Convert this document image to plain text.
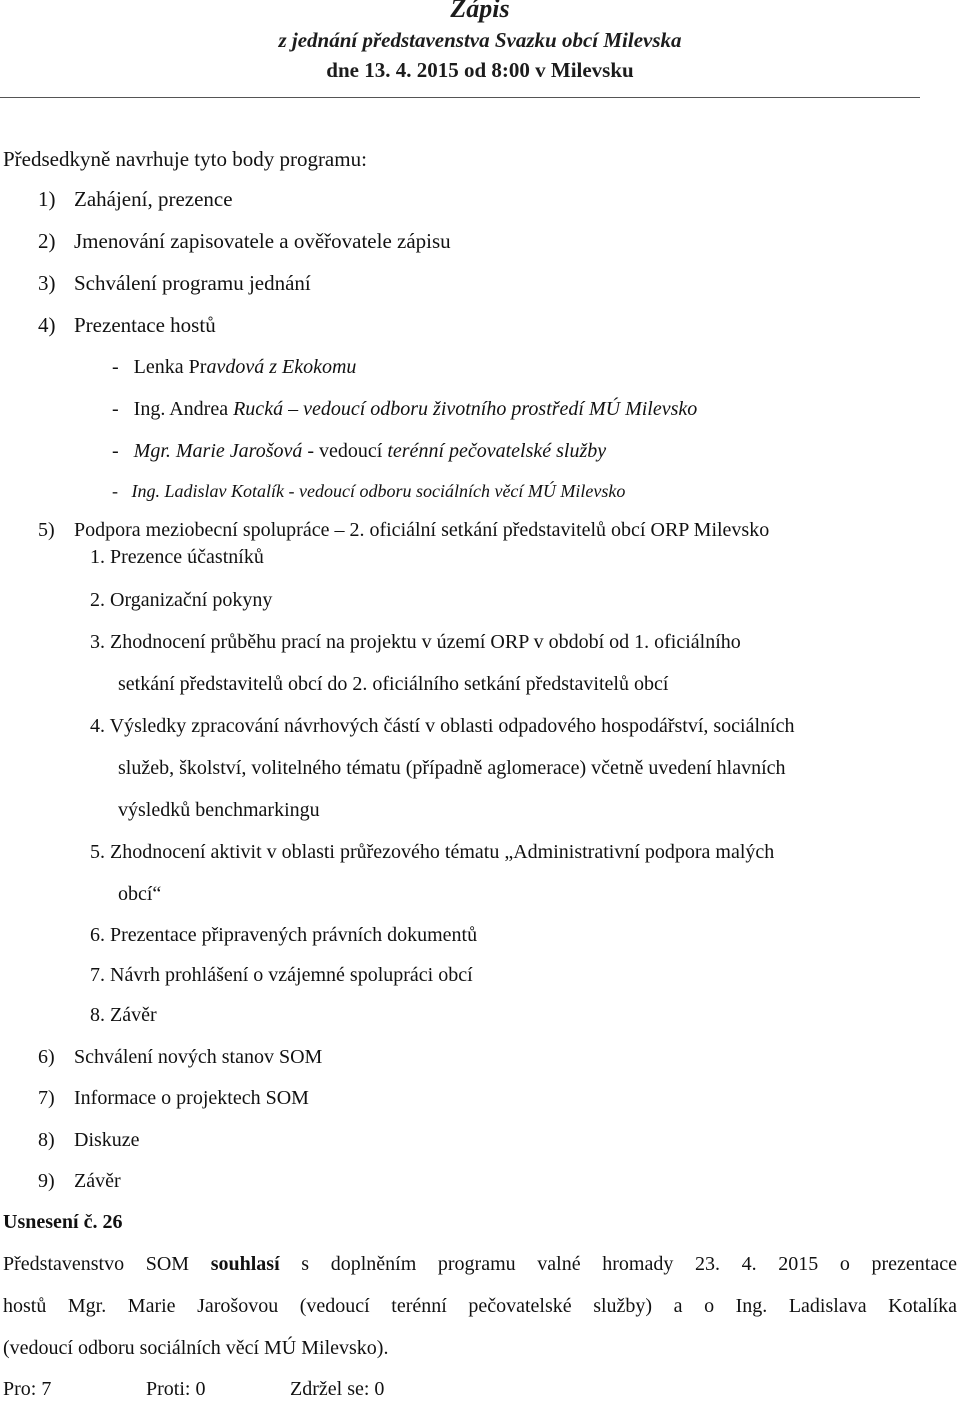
Zápis
z jednání představenstva Svazku obcí Milevska
dne 13. 4. 2015 od 8:00 v Milevsku
Předsedkyně navrhuje tyto body programu:
1) Zahájení, prezence
2) Jmenování zapisovatele a ověřovatele zápisu
3) Schválení programu jednání
4) Prezentace hostů
-   Lenka Pravdová z Ekokomu
-   Ing. Andrea Rucká – vedoucí odboru životního prostředí MÚ Milevsko
-   Mgr. Marie Jarošová - vedoucí terénní pečovatelské služby
-   Ing. Ladislav Kotalík - vedoucí odboru sociálních věcí MÚ Milevsko
5) Podpora meziobecní spolupráce – 2. oficiální setkání představitelů obcí ORP Milevsko
1. Prezence účastníků
2. Organizační pokyny
3. Zhodnocení průběhu prací na projektu v území ORP v období od 1. oficiálního
setkání představitelů obcí do 2. oficiálního setkání představitelů obcí
4. Výsledky zpracování návrhových částí v oblasti odpadového hospodářství, sociálních
služeb, školství, volitelného tématu (případně aglomerace) včetně uvedení hlavních
výsledků benchmarkingu
5. Zhodnocení aktivit v oblasti průřezového tématu „Administrativní podpora malých
obcí“
6. Prezentace připravených právních dokumentů
7. Návrh prohlášení o vzájemné spolupráci obcí
8. Závěr
6) Schválení nových stanov SOM
7) Informace o projektech SOM
8) Diskuze
9) Závěr
Usnesení č. 26
Představenstvo SOM souhlasí s doplněním programu valné hromady 23. 4. 2015 o prezentace
hostů Mgr. Marie Jarošovou (vedoucí terénní pečovatelské služby) a o Ing. Ladislava Kotalíka
(vedoucí odboru sociálních věcí MÚ Milevsko).
Pro: 7	Proti: 0	Zdržel se: 0
